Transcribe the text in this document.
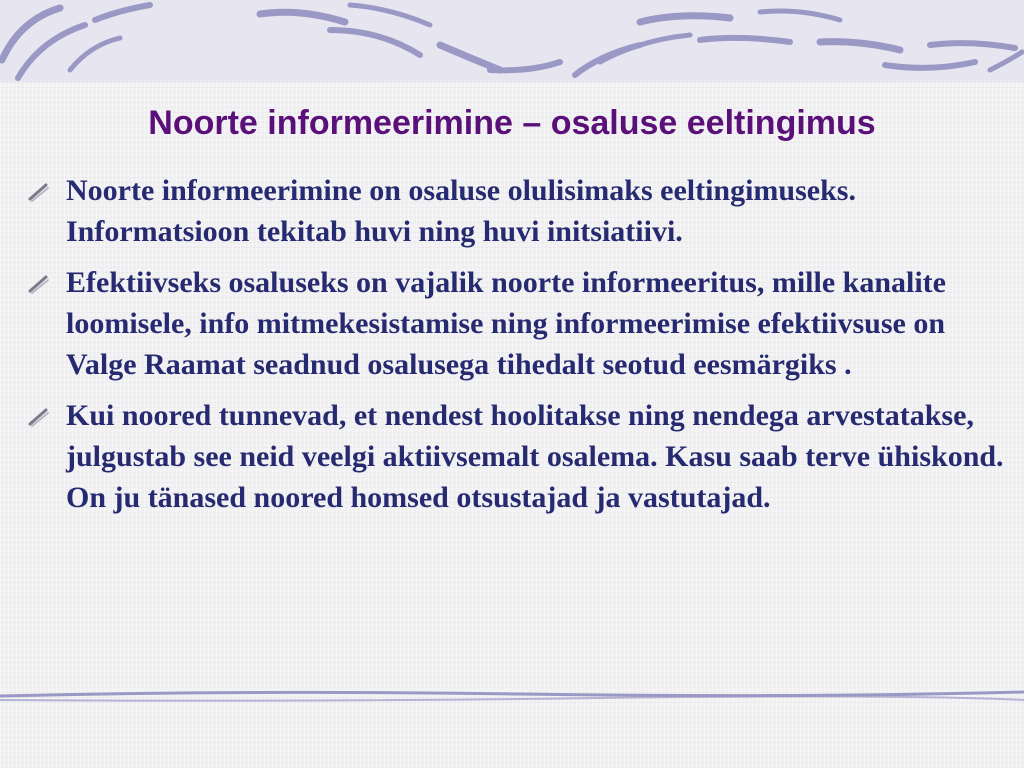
Noorte informeerimine – osaluse eeltingimus
Noorte informeerimine on osaluse olulisimaks eeltingimuseks. Informatsioon tekitab huvi ning huvi initsiatiivi.
Efektiivseks osaluseks on vajalik noorte informeeritus, mille kanalite loomisele, info mitmekesistamise ning informeerimise efektiivsuse on Valge Raamat seadnud osalusega tihedalt seotud eesmärgiks .
Kui noored tunnevad, et nendest hoolitakse ning nendega arvestatakse, julgustab see neid veelgi aktiivsemalt osalema. Kasu saab terve ühiskond. On ju tänased noored homsed otsustajad ja vastutajad.
